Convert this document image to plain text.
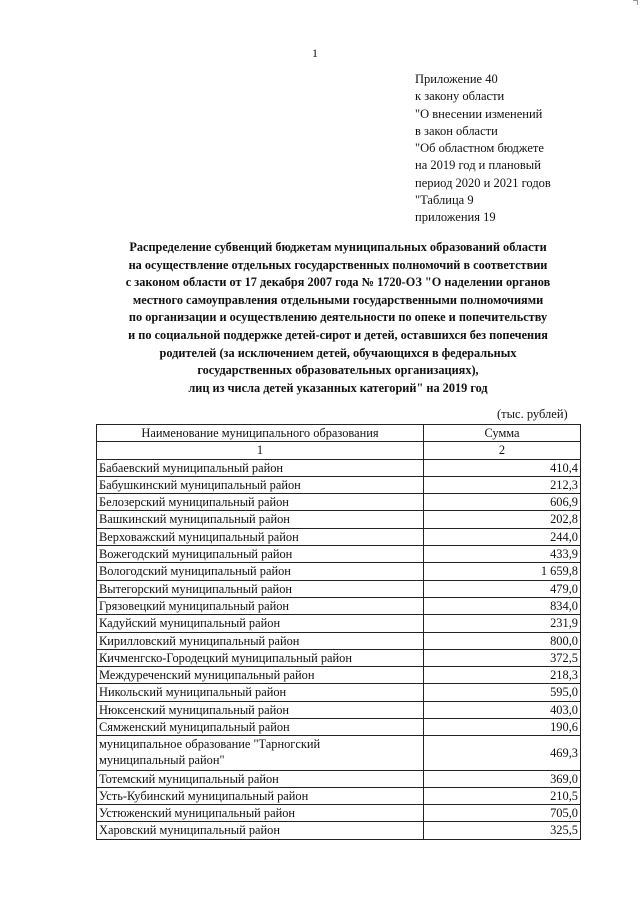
1
Приложение 40
к закону области
"О внесении изменений
в закон области
"Об областном бюджете
на 2019 год и плановый
период 2020 и 2021 годов
"Таблица 9
приложения 19
Распределение субвенций бюджетам муниципальных образований области
на осуществление отдельных государственных полномочий в соответствии
с законом области от 17 декабря 2007 года № 1720-ОЗ "О наделении органов
местного самоуправления отдельными государственными полномочиями
по организации и осуществлению деятельности по опеке и попечительству
и по социальной поддержке детей-сирот и детей, оставшихся без попечения
родителей (за исключением детей, обучающихся в федеральных
государственных образовательных организациях),
лиц из числа детей указанных категорий" на 2019 год
(тыс. рублей)
Наименование муниципального образования	Сумма
1	2
Бабаевский муниципальный район	410,4
Бабушкинский муниципальный район	212,3
Белозерский муниципальный район	606,9
Вашкинский муниципальный район	202,8
Верховажский муниципальный район	244,0
Вожегодский муниципальный район	433,9
Вологодский муниципальный район	1 659,8
Вытегорский муниципальный район	479,0
Грязовецкий муниципальный район	834,0
Кадуйский муниципальный район	231,9
Кирилловский муниципальный район	800,0
Кичменгско-Городецкий муниципальный район	372,5
Междуреченский муниципальный район	218,3
Никольский муниципальный район	595,0
Нюксенский муниципальный район	403,0
Сямженский муниципальный район	190,6

муниципальное образование "Тарногский
муниципальный район"	469,3
Тотемский муниципальный район	369,0
Усть-Кубинский муниципальный район	210,5
Устюженский муниципальный район	705,0
Харовский муниципальный район	325,5
